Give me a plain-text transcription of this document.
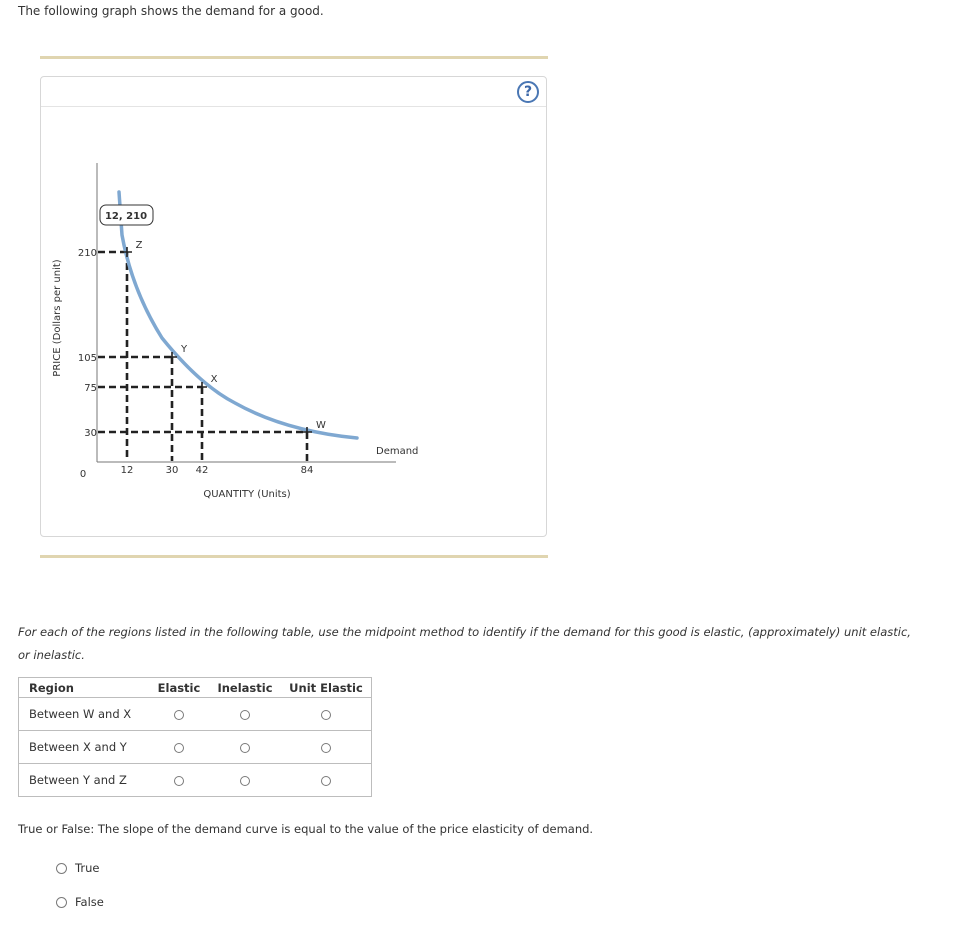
The following graph shows the demand for a good.
?
PRICE (Dollars per unit)
QUANTITY (Units)
0
210
105
75
30
12	30 42	84
Z
Y
X
W
12, 210
Demand
For each of the regions listed in the following table, use the midpoint method to identify if the demand for this good is elastic, (approximately) unit elastic, or inelastic.
Region	Elastic	Inelastic	Unit Elastic
Between W and X			
Between X and Y			
Between Y and Z			
True or False: The slope of the demand curve is equal to the value of the price elasticity of demand.
True
False
